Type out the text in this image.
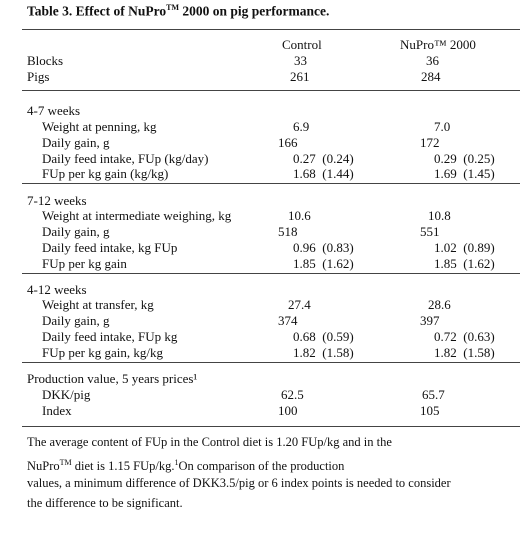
Table 3. Effect of NuPro™ 2000 on pig performance.
Control	NuPro™ 2000
Blocks	33	36
Pigs	261	284
4-7 weeks
Weight at penning, kg	6.9	7.0
Daily gain, g	166	172
Daily feed intake, FUp (kg/day)	0.27  (0.24)	0.29  (0.25)
FUp per kg gain (kg/kg)	1.68  (1.44)	1.69  (1.45)
7-12 weeks
Weight at intermediate weighing, kg	10.6	10.8
Daily gain, g	518	551
Daily feed intake, kg FUp	0.96  (0.83)	1.02  (0.89)
FUp per kg gain	1.85  (1.62)	1.85  (1.62)
4-12 weeks
Weight at transfer, kg	27.4	28.6
Daily gain, g	374	397
Daily feed intake, FUp kg	0.68  (0.59)	0.72  (0.63)
FUp per kg gain, kg/kg	1.82  (1.58)	1.82  (1.58)
Production value, 5 years prices¹
DKK/pig	62.5	65.7
Index	100	105
The average content of FUp in the Control diet is 1.20 FUp/kg and in the
NuPro™ diet is 1.15 FUp/kg.$^1$On comparison of the production
values, a minimum difference of DKK3.5/pig or 6 index points is needed to consider
the difference to be significant.
